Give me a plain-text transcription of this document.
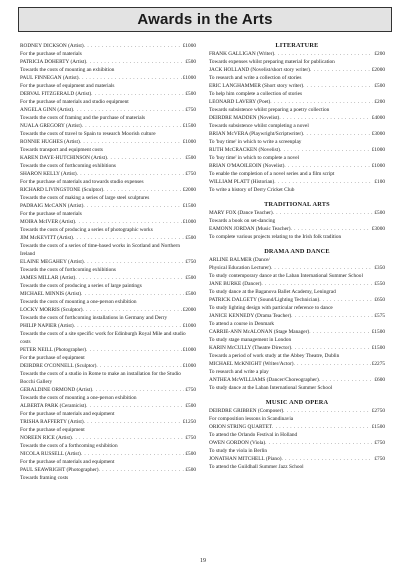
Awards in the Arts
RODNEY DICKSON (Artist) . . .	£1000
For the purchase of materials
PATRICIA DOHERTY (Artist) . . .	£500
Towards the costs of mounting an exhibition
PAUL FINNEGAN (Artist) . . .	£1000
For the purchase of equipment and materials
DERVAL FITZGERALD (Artist) . . .	£500
For the purchase of materials and studio equipment
ANGELA GINN (Artist) . . .	£750
Towards the costs of framing and the purchase of materials
NUALA GREGORY (Artist) . . .	£1500
Towards the costs of travel to Spain to research Moorish culture
RONNIE HUGHES (Artist) . . .	£1000
Towards transport and equipment costs
KAREN DAYE-HUTCHINSON (Artist) . . .	£500
Towards the costs of forthcoming exhibitions
SHARON KELLY (Artist) . . .	£750
For the purchase of materials and towards studio expenses
RICHARD LIVINGSTONE (Sculptor) . . .	£2000
Towards the costs of making a series of large steel sculptures
PADRAIG McCANN (Artist) . . .	£1500
For the purchase of materials
MOIRA McIVER (Artist) . . .	£1000
Towards the costs of producing a series of photographic works
JIM McKEVITT (Artist) . . .	£500
Towards the costs of a series of time-based works in Scotland and Northern Ireland
ELAINE MEGAHEY (Artist) . . .	£750
Towards the costs of forthcoming exhibitions
JAMES MILLAR (Artist) . . .	£500
Towards the costs of producing a series of large paintings
MICHAEL MINNIS (Artist) . . .	£500
Towards the costs of mounting a one-person exhibition
LOCKY MORRIS (Sculptor) . . .	£2000
Towards the costs of forthcoming installations in Germany and Derry
PHILIP NAPIER (Artist) . . .	£1000
Towards the costs of a site specific work for Edinburgh Royal Mile and studio costs
PETER NEILL (Photographer) . . .	£1000
For the purchase of equipment
DEIRDRE O'CONNELL (Sculptor) . . .	£1000
Towards the costs of a studio in Rome to make an installation for the Studio Bocchi Gallery
GERALDINE ORMOND (Artist) . . .	£750
Towards the costs of mounting a one-person exhibition
ALBERTA PARK (Ceramicist) . . .	£500
For the purchase of materials and equipment
TRISHA RAFFERTY (Artist) . . .	£1250
For the purchase of equipment
NOREEN RICE (Artist) . . .	£750
Towards the costs of a forthcoming exhibition
NICOLA RUSSELL (Artist) . . .	£500
For the purchase of materials and equipment
PAUL SEAWRIGHT (Photographer) . . .	£500
Towards framing costs
LITERATURE
FRANK GALLIGAN (Writer) . . .	£200
Towards expenses whilst preparing material for publication
JACK HOLLAND (Novelist/short story writer) . . .	£2000
To research and write a collection of stories
ERIC LANGHAMMER (Short story writer) . . .	£500
To help him complete a collection of stories
LEONARD LAVERY (Poet) . . .	£200
Towards subsistence whilst preparing a poetry collection
DEIRDRE MADDEN (Novelist) . . .	£4000
Towards subsistence whilst completing a novel
BRIAN McVERA (Playwright/Scriptwriter) . . .	£3000
To 'buy time' in which to write a screenplay
RUTH McCRACKEN (Novelist) . . .	£1000
To 'buy time' in which to complete a novel
BRIAN O'MAOILEOIN (Novelist) . . .	£1000
To enable the completion of a novel series and a film script
WILLIAM PLATT (Historian) . . .	£100
To write a history of Derry Cricket Club
TRADITIONAL ARTS
MARY FOX (Dance Teacher) . . .	£500
Towards a book on set-dancing
EAMONN JORDAN (Music Teacher) . . .	£3000
To complete various projects relating to the Irish folk tradition
DRAMA AND DANCE
ARLINE BALMER (Dance/
Physical Education Lecturer) . . .	£350
To study contemporary dance at the Laban International Summer School
JANE BURKE (Dancer) . . .	£550
To study dance at the Baganova Ballet Academy, Leningrad
PATRICK DALGETY (Sound/Lighting Technician) . . .	£650
To study lighting design with particular reference to dance
JANICE KENNEDY (Drama Teacher) . . .	£575
To attend a course in Denmark
CARRIE-ANN McALONAN (Stage Manager) . . .	£1500
To study stage management in London
KARIN McCULLY (Theatre Director) . . .	£1500
Towards a period of work study at the Abbey Theatre, Dublin
MICHAEL McKNIGHT (Writer/Actor) . . .	£2275
To research and write a play
ANTHEA McWILLIAMS (Dancer/Choreographer) . . .	£600
To study dance at the Laban International Summer School
MUSIC AND OPERA
DEIRDRE GRIBBEN (Composer) . . .	£2750
For composition lessons in Scandinavia
ORION STRING QUARTET . . .	£1500
To attend the Orlando Festival in Holland
OWEN GORDON (Viola) . . .	£750
To study the viola in Berlin
JONATHAN MITCHELL (Piano) . . .	£750
To attend the Guildhall Summer Jazz School
19
